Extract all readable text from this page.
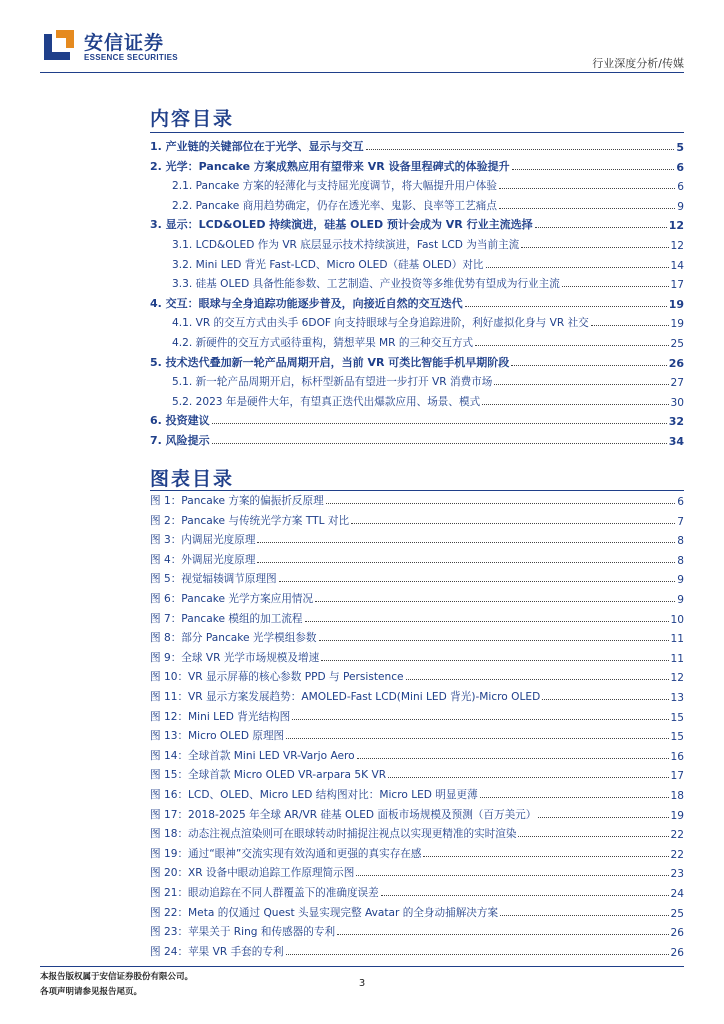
安信证券
ESSENCE SECURITIES	行业深度分析/传媒
内容目录
1. 产业链的关键部位在于光学、显示与交互	5
2. 光学：Pancake 方案成熟应用有望带来 VR 设备里程碑式的体验提升	6
2.1. Pancake 方案的轻薄化与支持屈光度调节，将大幅提升用户体验	6
2.2. Pancake 商用趋势确定，仍存在透光率、鬼影、良率等工艺痛点	9
3. 显示：LCD&OLED 持续演进，硅基 OLED 预计会成为 VR 行业主流选择	12
3.1. LCD&OLED 作为 VR 底层显示技术持续演进，Fast LCD 为当前主流	12
3.2. Mini LED 背光 Fast-LCD、Micro OLED（硅基 OLED）对比	14
3.3. 硅基 OLED 具备性能参数、工艺制造、产业投资等多维优势有望成为行业主流	17
4. 交互：眼球与全身追踪功能逐步普及，向接近自然的交互迭代	19
4.1. VR 的交互方式由头手 6DOF 向支持眼球与全身追踪进阶，利好虚拟化身与 VR 社交	19
4.2. 新硬件的交互方式亟待重构，猜想苹果 MR 的三种交互方式	25
5. 技术迭代叠加新一轮产品周期开启，当前 VR 可类比智能手机早期阶段	26
5.1. 新一轮产品周期开启，标杆型新品有望进一步打开 VR 消费市场	27
5.2. 2023 年是硬件大年，有望真正迭代出爆款应用、场景、模式	30
6. 投资建议	32
7. 风险提示	34
图表目录
图 1：Pancake 方案的偏振折反原理	6
图 2：Pancake 与传统光学方案 TTL 对比	7
图 3：内调屈光度原理	8
图 4：外调屈光度原理	8
图 5：视觉辐辏调节原理图	9
图 6：Pancake 光学方案应用情况	9
图 7：Pancake 模组的加工流程	10
图 8：部分 Pancake 光学模组参数	11
图 9：全球 VR 光学市场规模及增速	11
图 10：VR 显示屏幕的核心参数 PPD 与 Persistence	12
图 11：VR 显示方案发展趋势：AMOLED-Fast LCD(Mini LED 背光)-Micro OLED	13
图 12：Mini LED 背光结构图	15
图 13：Micro OLED 原理图	15
图 14：全球首款 Mini LED VR-Varjo Aero	16
图 15：全球首款 Micro OLED VR-arpara 5K VR	17
图 16：LCD、OLED、Micro LED 结构图对比：Micro LED 明显更薄	18
图 17：2018-2025 年全球 AR/VR 硅基 OLED 面板市场规模及预测（百万美元）	19
图 18：动态注视点渲染则可在眼球转动时捕捉注视点以实现更精准的实时渲染	22
图 19：通过“眼神”交流实现有效沟通和更强的真实存在感	22
图 20：XR 设备中眼动追踪工作原理简示图	23
图 21：眼动追踪在不同人群覆盖下的准确度误差	24
图 22：Meta 的仅通过 Quest 头显实现完整 Avatar 的全身动捕解决方案	25
图 23：苹果关于 Ring 和传感器的专利	26
图 24：苹果 VR 手套的专利	26
本报告版权属于安信证券股份有限公司。
各项声明请参见报告尾页。
3
